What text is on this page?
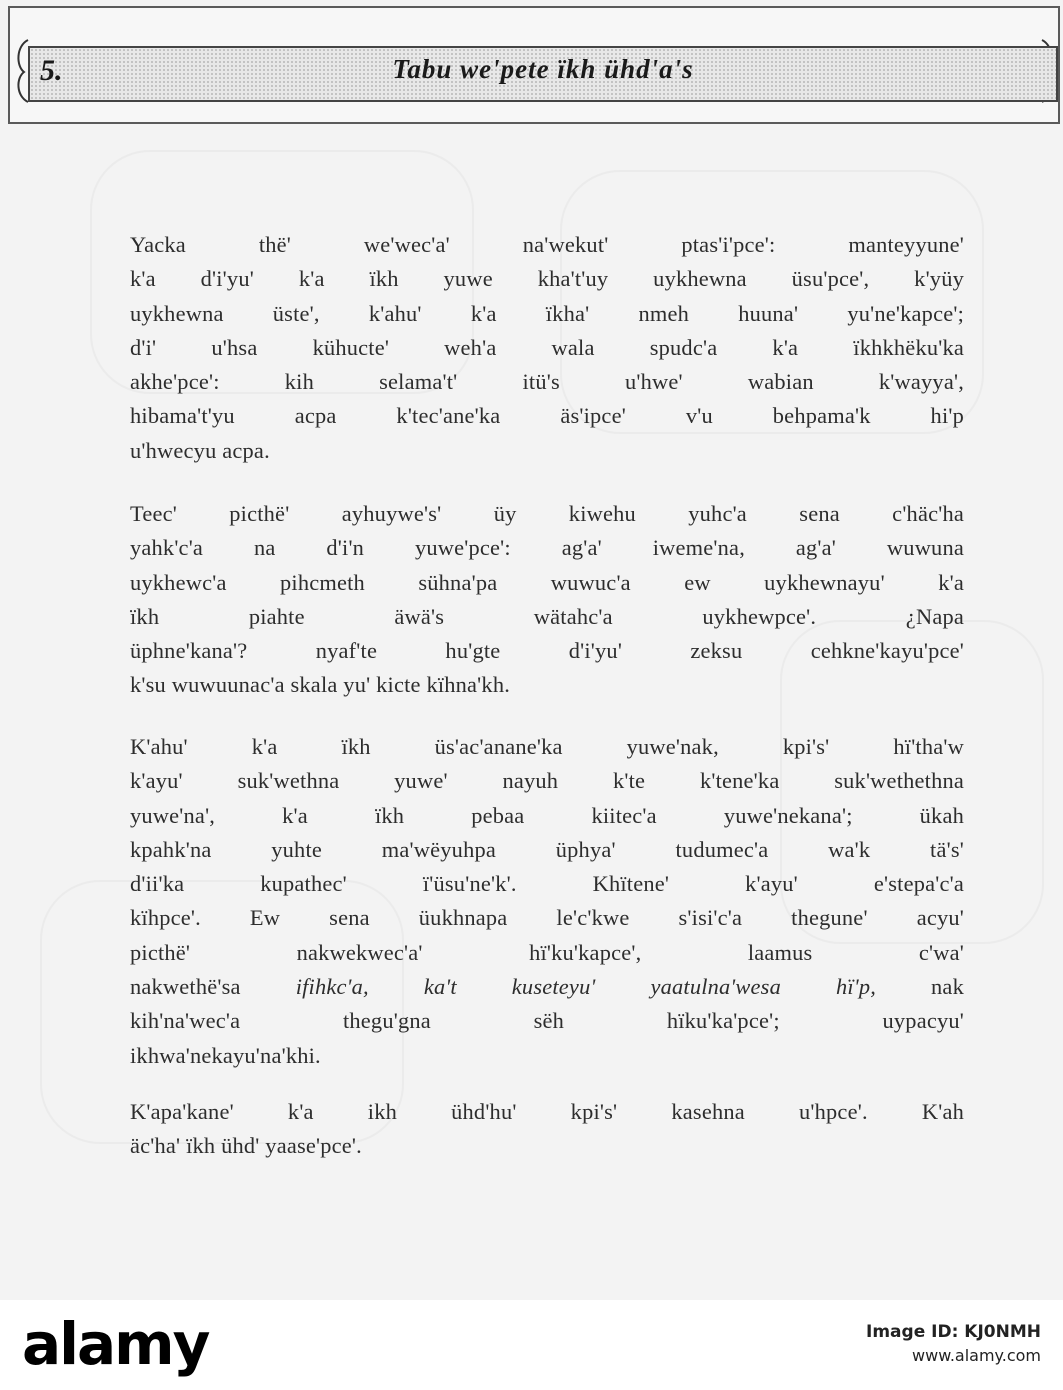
5.	Tabu we'pete ïkh ühd'a's

Yacka thë' we'wec'a' na'wekut' ptas'i'pce': manteyyune'
k'a d'i'yu' k'a ïkh yuwe kha't'uy uykhewna üsu'pce', k'yüy
uykhewna üste', k'ahu' k'a ïkha' nmeh huuna' yu'ne'kapce';
d'i' u'hsa kühucte' weh'a wala spudc'a k'a ïkhkhëku'ka
akhe'pce': kih selama't' itü's u'hwe' wabian k'wayya',
hibama't'yu acpa k'tec'ane'ka äs'ipce' v'u behpama'k hi'p
u'hwecyu acpa.

Teec' picthë' ayhuywe's' üy kiwehu yuhc'a sena c'häc'ha
yahk'c'a na d'i'n yuwe'pce': ag'a' iweme'na, ag'a' wuwuna
uykhewc'a pihcmeth sühna'pa wuwuc'a ew uykhewnayu' k'a
ïkh piahte äwä's wätahc'a uykhewpce'. ¿Napa
üphne'kana'? nyaf'te hu'gte d'i'yu' zeksu cehkne'kayu'pce'
k'su wuwuunac'a skala yu' kicte kïhna'kh.

K'ahu' k'a ïkh üs'ac'anane'ka yuwe'nak, kpi's' hï'tha'w
k'ayu' suk'wethna yuwe' nayuh k'te k'tene'ka suk'wethethna
yuwe'na', k'a ïkh pebaa kiitec'a yuwe'nekana'; ükah
kpahk'na yuhte ma'wëyuhpa üphya' tudumec'a wa'k tä's'
d'ii'ka kupathec' ï'üsu'ne'k'. Khïtene' k'ayu' e'stepa'c'a
kïhpce'. Ew sena üukhnapa le'c'kwe s'isi'c'a thegune' acyu'
picthë' nakwekwec'a' hï'ku'kapce', laamus c'wa'
nakwethë'sa ifihkc'a, ka't kuseteyu' yaatulna'wesa hï'p, nak
kih'na'wec'a thegu'gna sëh hïku'ka'pce'; uypacyu'
ikhwa'nekayu'na'khi.

K'apa'kane' k'a ikh ühd'hu' kpi's' kasehna u'hpce'. K'ah
äc'ha' ïkh ühd' yaase'pce'.

alamy	Image ID: KJ0NMH
www.alamy.com
